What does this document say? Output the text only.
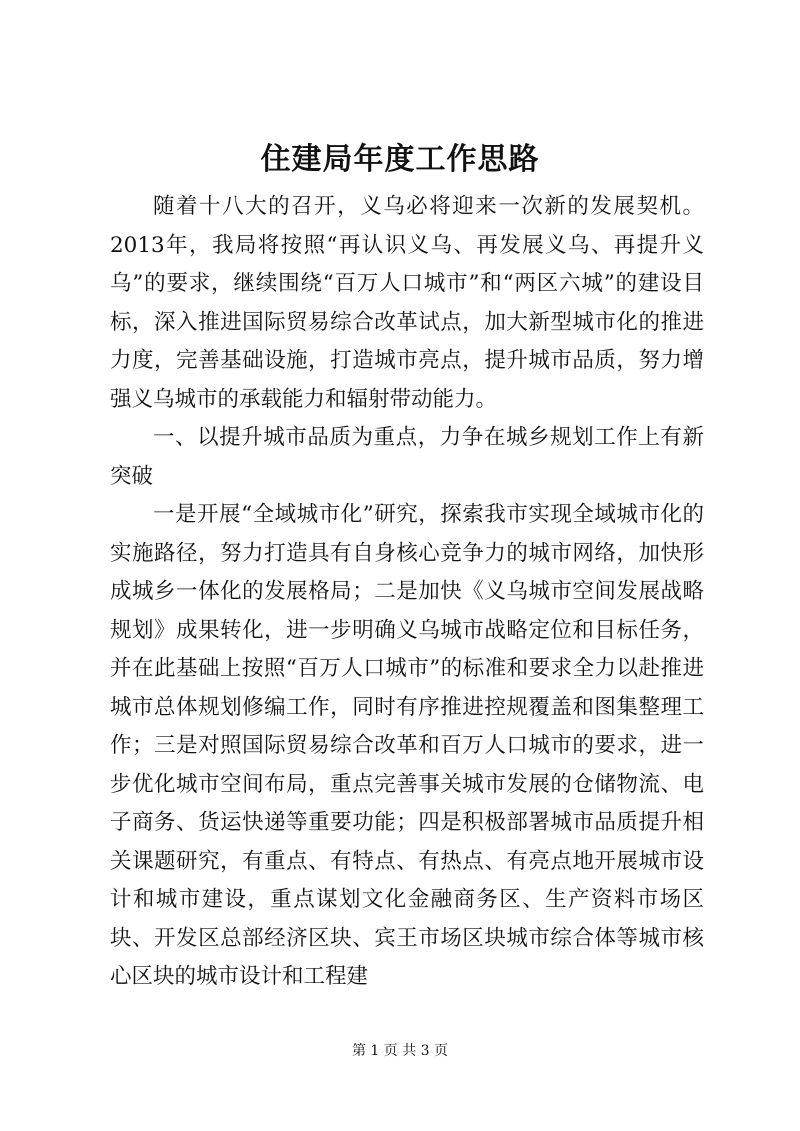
住建局年度工作思路

随着十八大的召开，义乌必将迎来一次新的发展契机。2013年，我局将按照“再认识义乌、再发展义乌、再提升义乌”的要求，继续围绕“百万人口城市”和“两区六城”的建设目标，深入推进国际贸易综合改革试点，加大新型城市化的推进力度，完善基础设施，打造城市亮点，提升城市品质，努力增强义乌城市的承载能力和辐射带动能力。

一、以提升城市品质为重点，力争在城乡规划工作上有新突破

一是开展“全域城市化”研究，探索我市实现全域城市化的实施路径，努力打造具有自身核心竞争力的城市网络，加快形成城乡一体化的发展格局；二是加快《义乌城市空间发展战略规划》成果转化，进一步明确义乌城市战略定位和目标任务，并在此基础上按照“百万人口城市”的标准和要求全力以赴推进城市总体规划修编工作，同时有序推进控规覆盖和图集整理工作；三是对照国际贸易综合改革和百万人口城市的要求，进一步优化城市空间布局，重点完善事关城市发展的仓储物流、电子商务、货运快递等重要功能；四是积极部署城市品质提升相关课题研究，有重点、有特点、有热点、有亮点地开展城市设计和城市建设，重点谋划文化金融商务区、生产资料市场区块、开发区总部经济区块、宾王市场区块城市综合体等城市核心区块的城市设计和工程建

第 1 页 共 3 页
